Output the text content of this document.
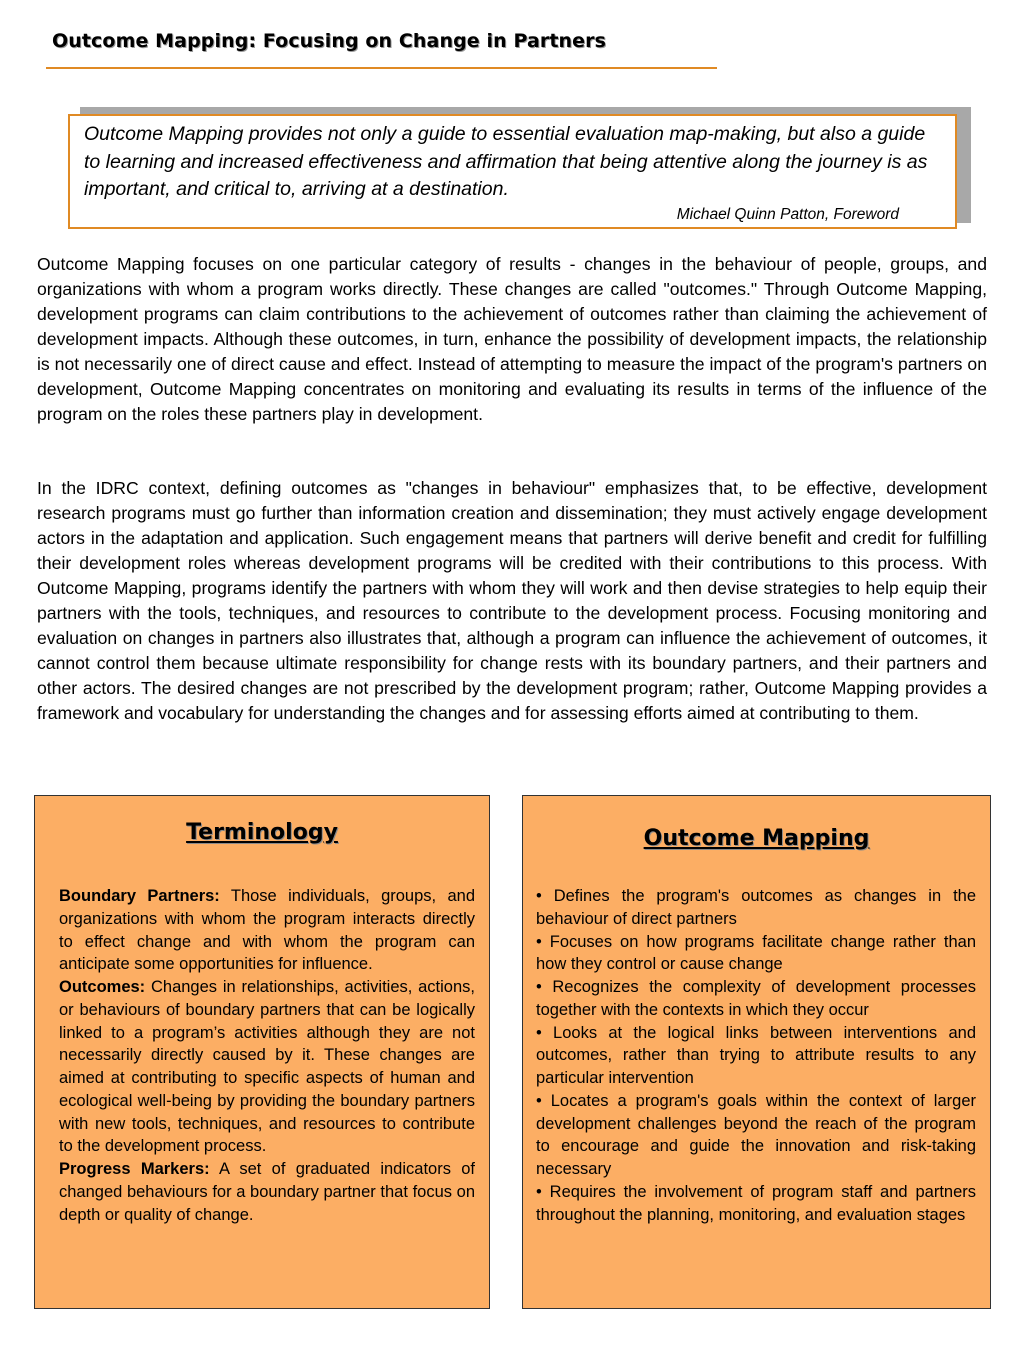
Outcome Mapping: Focusing on Change in Partners

Outcome Mapping provides not only a guide to essential evaluation map-making, but also a guide to learning and increased effectiveness and affirmation that being attentive along the journey is as important, and critical to, arriving at a destination.

Michael Quinn Patton, Foreword

Outcome Mapping focuses on one particular category of results - changes in the behaviour of people, groups, and organizations with whom a program works directly. These changes are called "outcomes." Through Outcome Mapping, development programs can claim contributions to the achievement of outcomes rather than claiming the achievement of development impacts. Although these outcomes, in turn, enhance the possibility of development impacts, the relationship is not necessarily one of direct cause and effect. Instead of attempting to measure the impact of the program's partners on development, Outcome Mapping concentrates on monitoring and evaluating its results in terms of the influence of the program on the roles these partners play in development.

In the IDRC context, defining outcomes as "changes in behaviour" emphasizes that, to be effective, development research programs must go further than information creation and dissemination; they must actively engage development actors in the adaptation and application. Such engagement means that partners will derive benefit and credit for fulfilling their development roles whereas development programs will be credited with their contributions to this process. With Outcome Mapping, programs identify the partners with whom they will work and then devise strategies to help equip their partners with the tools, techniques, and resources to contribute to the development process. Focusing monitoring and evaluation on changes in partners also illustrates that, although a program can influence the achievement of outcomes, it cannot control them because ultimate responsibility for change rests with its boundary partners, and their partners and other actors. The desired changes are not prescribed by the development program; rather, Outcome Mapping provides a framework and vocabulary for understanding the changes and for assessing efforts aimed at contributing to them.

Terminology
Boundary Partners: Those individuals, groups, and organizations with whom the program interacts directly to effect change and with whom the program can anticipate some opportunities for influence.
Outcomes: Changes in relationships, activities, actions, or behaviours of boundary partners that can be logically linked to a program’s activities although they are not necessarily directly caused by it. These changes are aimed at contributing to specific aspects of human and ecological well-being by providing the boundary partners with new tools, techniques, and resources to contribute to the development process.
Progress Markers: A set of graduated indicators of changed behaviours for a boundary partner that focus on depth or quality of change.
Outcome Mapping
• Defines the program's outcomes as changes in the behaviour of direct partners
• Focuses on how programs facilitate change rather than how they control or cause change
• Recognizes the complexity of development processes together with the contexts in which they occur
• Looks at the logical links between interventions and outcomes, rather than trying to attribute results to any particular intervention
• Locates a program's goals within the context of larger development challenges beyond the reach of the program to encourage and guide the innovation and risk-taking necessary
• Requires the involvement of program staff and partners throughout the planning, monitoring, and evaluation stages
